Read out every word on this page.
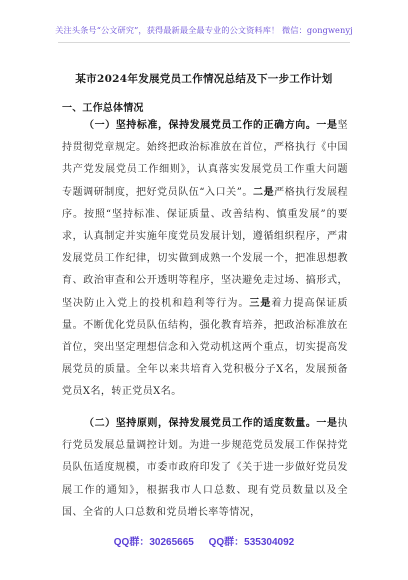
关注头条号“公文研究”，获得最新最全最专业的公文资料库！ 微信：gongwenyj
某市2024年发展党员工作情况总结及下一步工作计划
一、工作总体情况
（一）坚持标准，保持发展党员工作的正确方向。一是坚持贯彻党章规定。始终把政治标准放在首位，严格执行《中国共产党发展党员工作细则》，认真落实发展党员工作重大问题专题调研制度，把好党员队伍“入口关”。二是严格执行发展程序。按照“坚持标准、保证质量、改善结构、慎重发展”的要求，认真制定并实施年度党员发展计划，遵循组织程序，严肃发展党员工作纪律，切实做到成熟一个发展一个，把准思想教育、政治审查和公开透明等程序，坚决避免走过场、搞形式，坚决防止入党上的投机和趋利等行为。三是着力提高保证质量。不断优化党员队伍结构，强化教育培养，把政治标准放在首位，突出坚定理想信念和入党动机这两个重点，切实提高发展党员的质量。全年以来共培育入党积极分子X名，发展预备党员X名，转正党员X名。
（二）坚持原则，保持发展党员工作的适度数量。一是执行党员发展总量调控计划。为进一步规范党员发展工作保持党员队伍适度规模，市委市政府印发了《关于进一步做好党员发展工作的通知》，根据我市人口总数、现有党员数量以及全国、全省的人口总数和党员增长率等情况，
QQ群：30265665 QQ群：535304092
